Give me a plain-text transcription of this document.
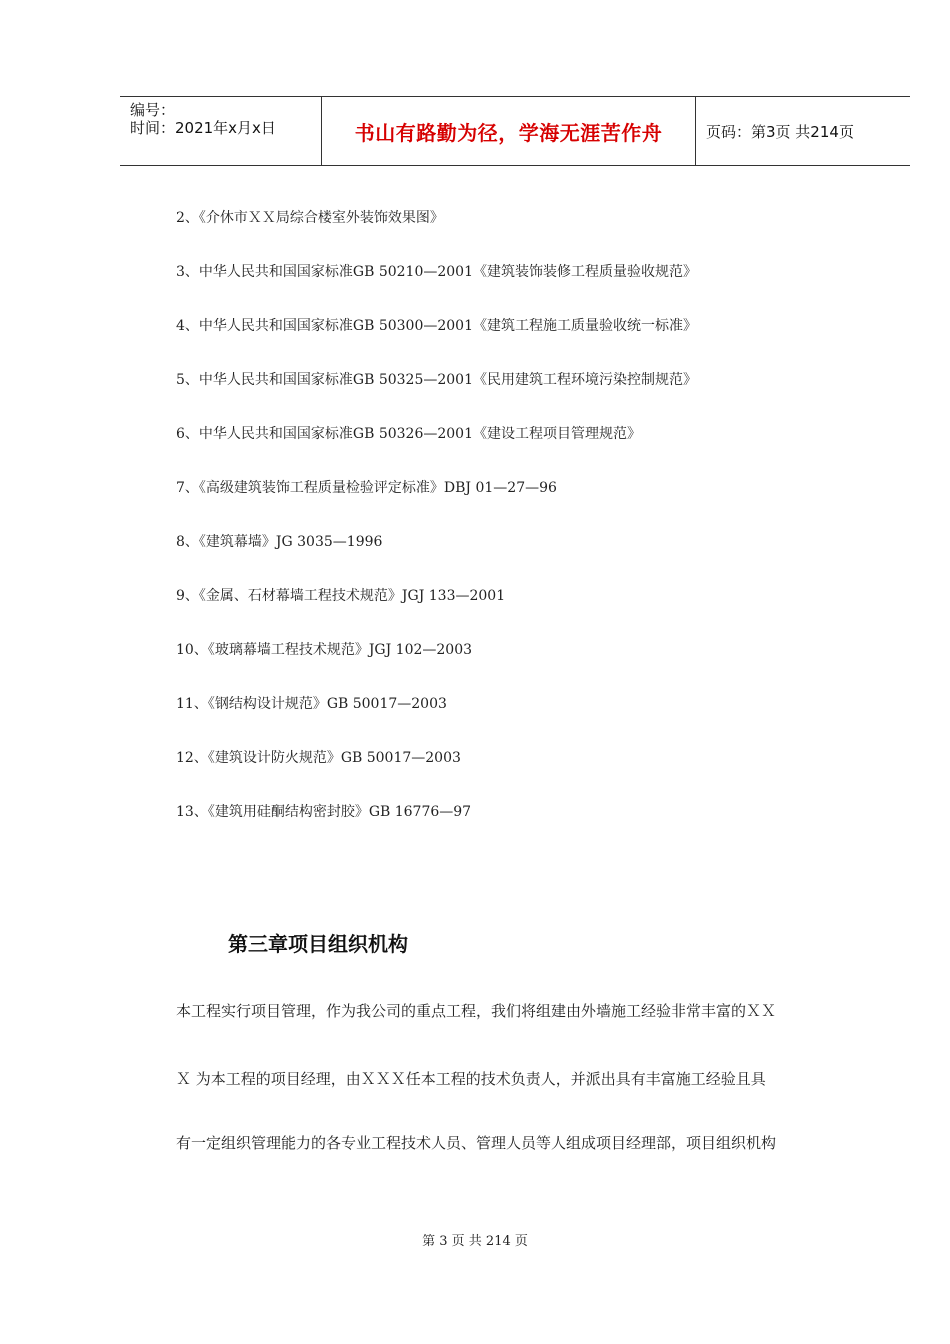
编号：
时间：2021年x月x日	书山有路勤为径，学海无涯苦作舟	页码：第3页 共214页
2、《介休市ＸＸ局综合楼室外装饰效果图》
3、中华人民共和国国家标准GB 50210—2001《建筑装饰装修工程质量验收规范》
4、中华人民共和国国家标准GB 50300—2001《建筑工程施工质量验收统一标准》
5、中华人民共和国国家标准GB 50325—2001《民用建筑工程环境污染控制规范》
6、中华人民共和国国家标准GB 50326—2001《建设工程项目管理规范》
7、《高级建筑装饰工程质量检验评定标准》DBJ 01—27—96
8、《建筑幕墙》JG 3035—1996
9、《金属、石材幕墙工程技术规范》JGJ 133—2001
10、《玻璃幕墙工程技术规范》JGJ 102—2003
11、《钢结构设计规范》GB 50017—2003
12、《建筑设计防火规范》GB 50017—2003
13、《建筑用硅酮结构密封胶》GB 16776—97
第三章项目组织机构
本工程实行项目管理，作为我公司的重点工程，我们将组建由外墙施工经验非常丰富的ＸＸ
Ｘ 为本工程的项目经理，由ＸＸＸ任本工程的技术负责人，并派出具有丰富施工经验且具
有一定组织管理能力的各专业工程技术人员、管理人员等人组成项目经理部，项目组织机构
第 3 页 共 214 页
